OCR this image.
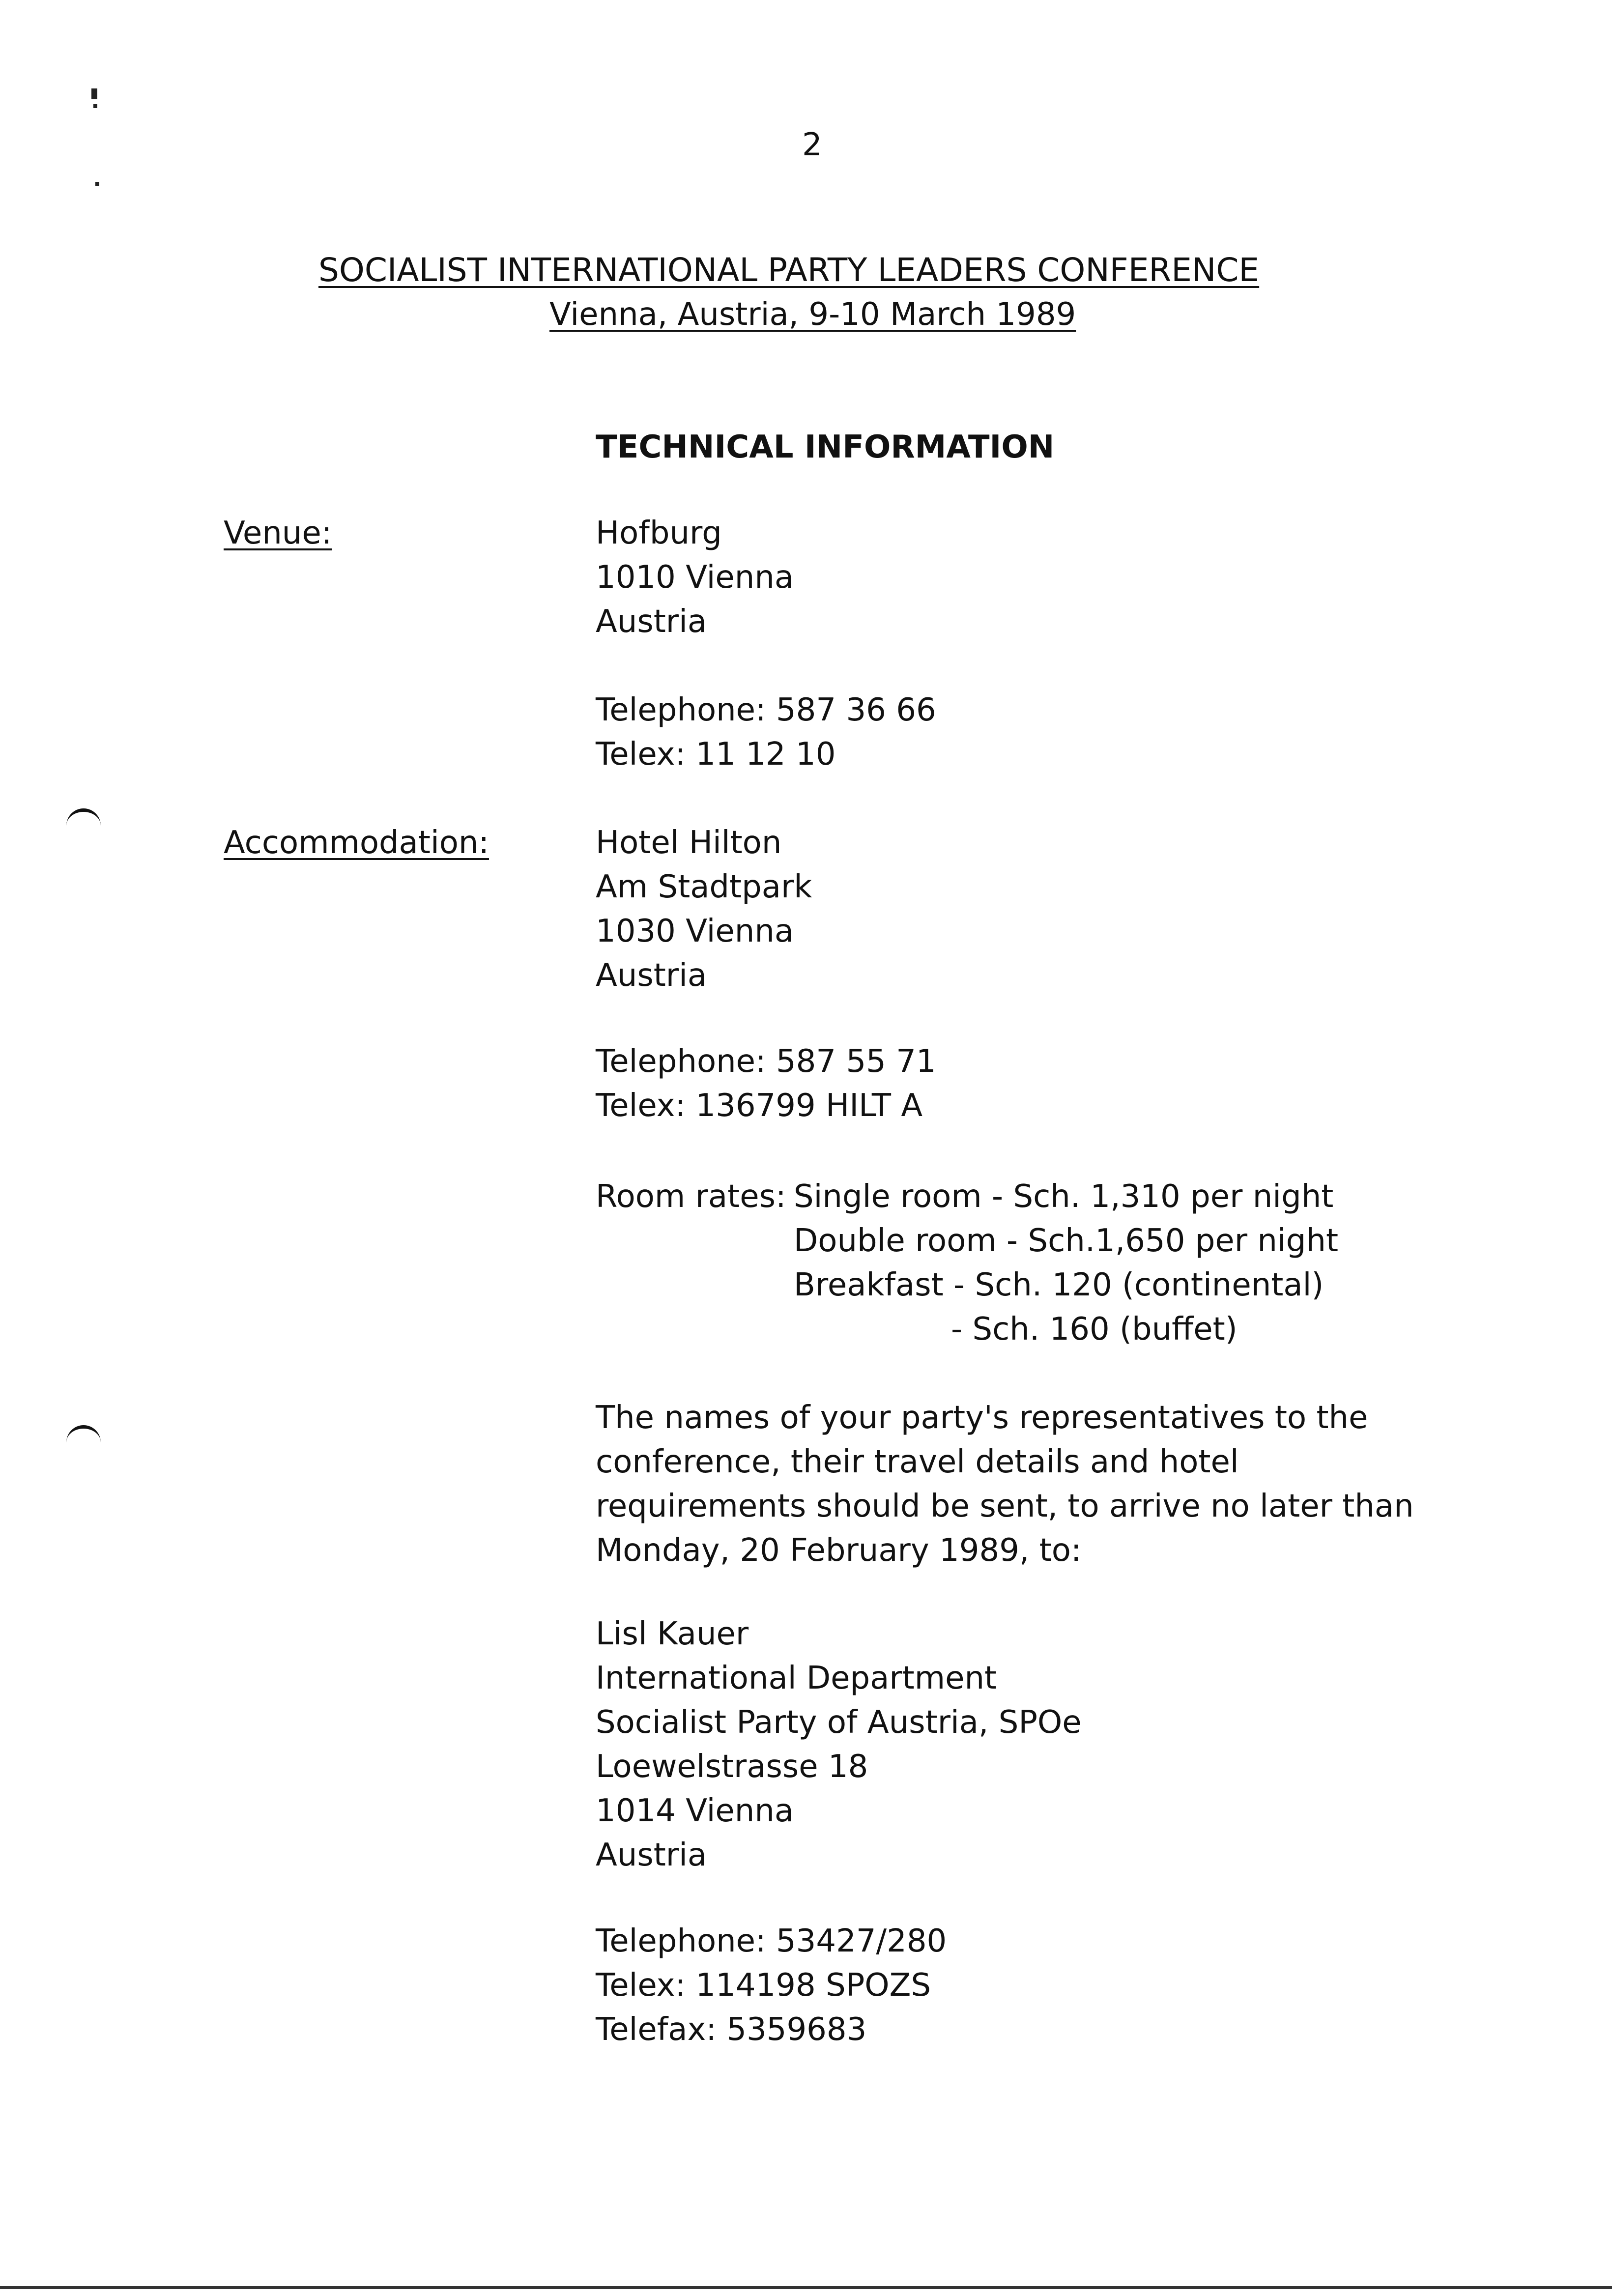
2
SOCIALIST INTERNATIONAL PARTY LEADERS CONFERENCE
Vienna, Austria, 9-10 March 1989
TECHNICAL INFORMATION
Venue:	Hofburg
1010 Vienna
Austria
Telephone: 587 36 66
Telex: 11 12 10
Accommodation:	Hotel Hilton
Am Stadtpark
1030 Vienna
Austria
Telephone: 587 55 71
Telex: 136799 HILT A
Room rates: Single room - Sch. 1,310 per night
Double room - Sch.1,650 per night
Breakfast - Sch. 120 (continental)
- Sch. 160 (buffet)
The names of your party's representatives to the
conference, their travel details and hotel
requirements should be sent, to arrive no later than
Monday, 20 February 1989, to:
Lisl Kauer
International Department
Socialist Party of Austria, SPOe
Loewelstrasse 18
1014 Vienna
Austria
Telephone: 53427/280
Telex: 114198 SPOZS
Telefax: 5359683
